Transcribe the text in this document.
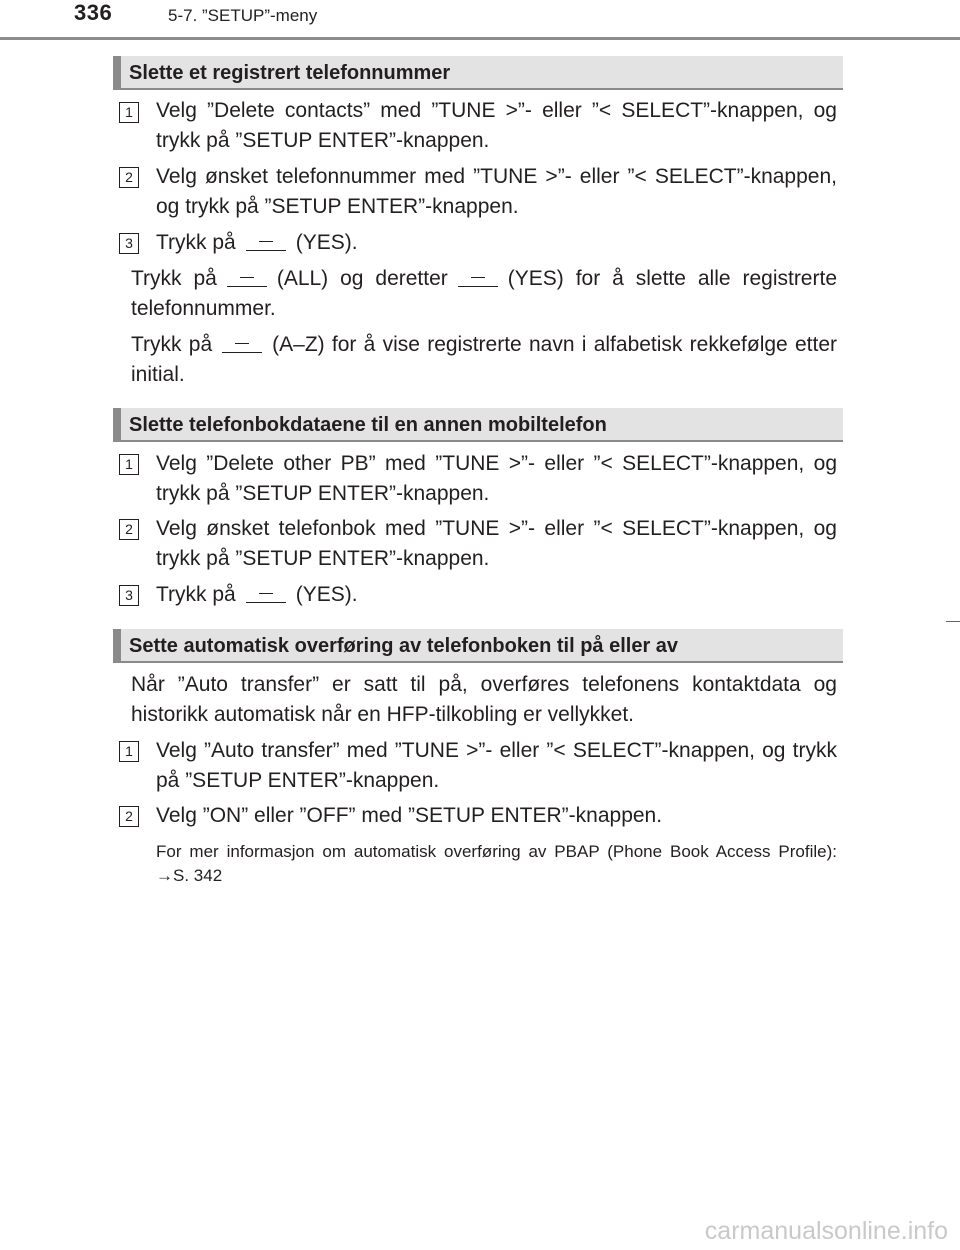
336	5-7. ”SETUP”-meny
Slette et registrert telefonnummer
1 Velg ”Delete contacts” med ”TUNE >”- eller ”< SELECT”-knappen, og trykk på ”SETUP ENTER”-knappen.

2 Velg ønsket telefonnummer med ”TUNE >”- eller ”< SELECT”-knappen, og trykk på ”SETUP ENTER”-knappen.

3 Trykk på	(YES).

Trykk på	(ALL) og deretter	(YES) for å slette alle registrerte telefonnummer.

Trykk på	(A–Z) for å vise registrerte navn i alfabetisk rekkefølge etter initial.

Slette telefonbokdataene til en annen mobiltelefon
1 Velg ”Delete other PB” med ”TUNE >”- eller ”< SELECT”-knappen, og trykk på ”SETUP ENTER”-knappen.

2 Velg ønsket telefonbok med ”TUNE >”- eller ”< SELECT”-knappen, og trykk på ”SETUP ENTER”-knappen.

3 Trykk på	(YES).

Sette automatisk overføring av telefonboken til på eller av

Når ”Auto transfer” er satt til på, overføres telefonens kontaktdata og historikk automatisk når en HFP-tilkobling er vellykket.

1 Velg ”Auto transfer” med ”TUNE >”- eller ”< SELECT”-knappen, og trykk på ”SETUP ENTER”-knappen.

2 Velg ”ON” eller ”OFF” med ”SETUP ENTER”-knappen.

For mer informasjon om automatisk overføring av PBAP (Phone Book Access Profile): →S. 342

carmanualsonline.info
